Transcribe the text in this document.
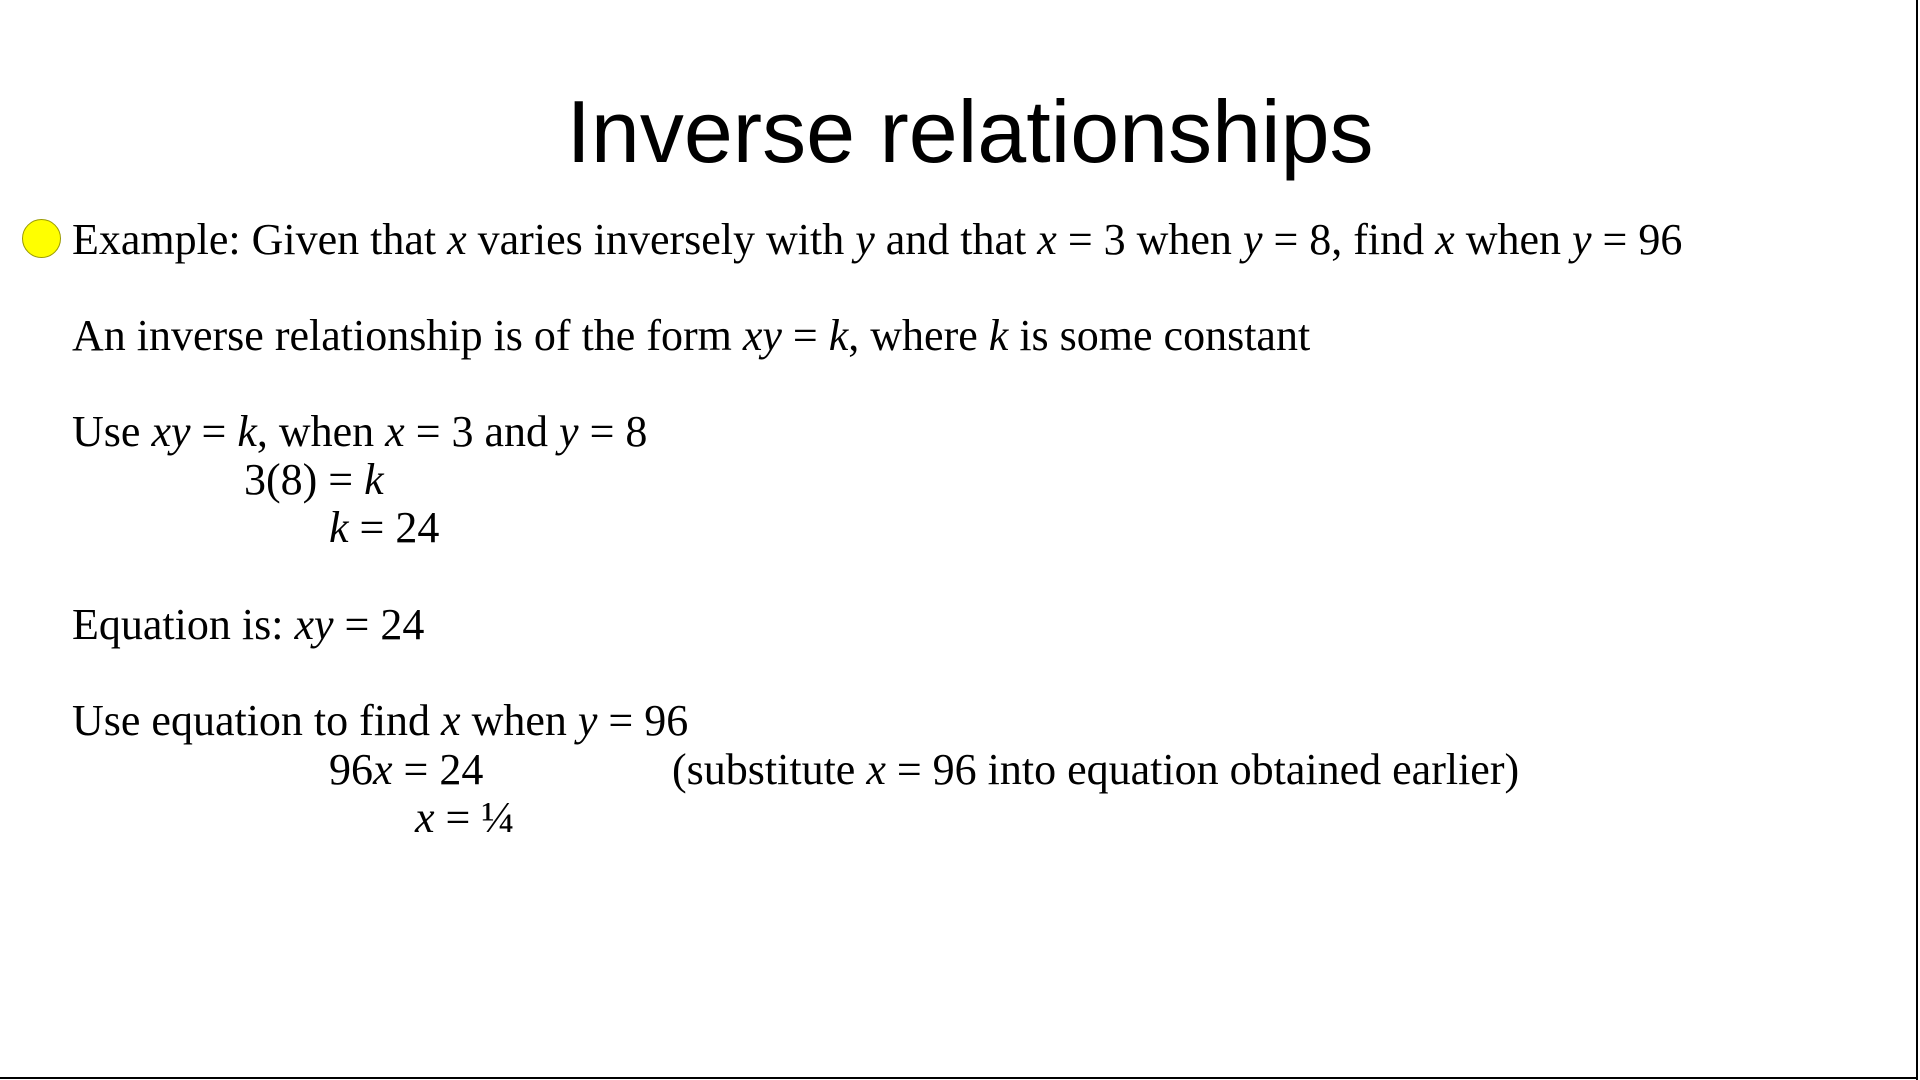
Inverse relationships
Example: Given that x varies inversely with y and that x = 3 when y = 8, find x when y = 96
An inverse relationship is of the form xy = k, where k is some constant
Use xy = k, when x = 3 and y = 8
3(8) = k
k = 24
Equation is: xy = 24
Use equation to find x when y = 96
96x = 24	(substitute x = 96 into equation obtained earlier)
x = ¼
